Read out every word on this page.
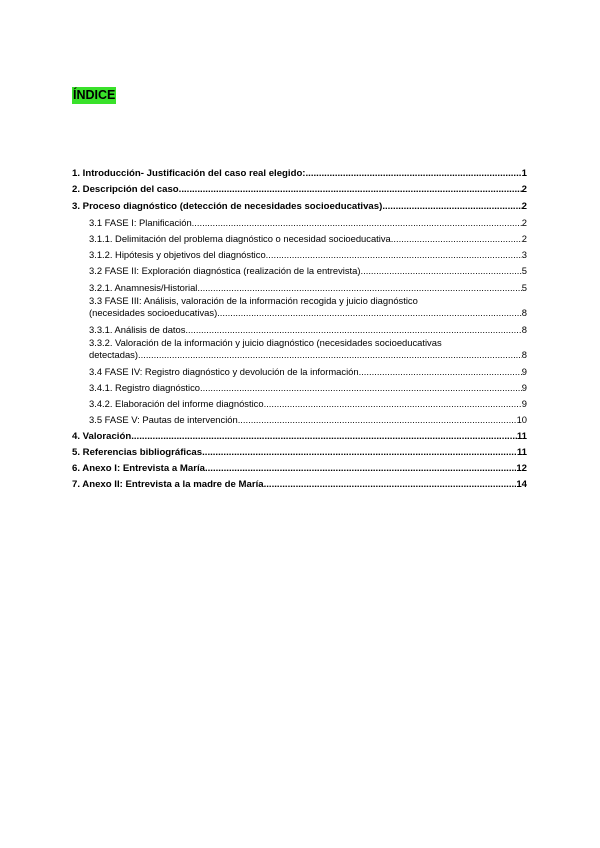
ÍNDICE
1. Introducción- Justificación del caso real elegido: .....	1
2. Descripción del caso .....	2
3. Proceso diagnóstico (detección de necesidades socioeducativas) .....	2
3.1 FASE I: Planificación .....	2
3.1.1. Delimitación del problema diagnóstico o necesidad socioeducativa .....	2
3.1.2. Hipótesis y objetivos del diagnóstico .....	3
3.2 FASE II: Exploración diagnóstica (realización de la entrevista) .....	5
3.2.1. Anamnesis/Historial .....	5
3.3 FASE III: Análisis, valoración de la información recogida y juicio diagnóstico
(necesidades socioeducativas) .....	8
3.3.1. Análisis de datos .....	8
3.3.2. Valoración de la información y juicio diagnóstico (necesidades socioeducativas
detectadas) .....	8
3.4 FASE IV: Registro diagnóstico y devolución de la información .....	9
3.4.1. Registro diagnóstico .....	9
3.4.2. Elaboración del informe diagnóstico .....	9
3.5 FASE V: Pautas de intervención .....	10
4. Valoración .....	11
5. Referencias bibliográficas .....	11
6. Anexo I: Entrevista a María .....	12
7. Anexo II: Entrevista a la madre de María .....	14
